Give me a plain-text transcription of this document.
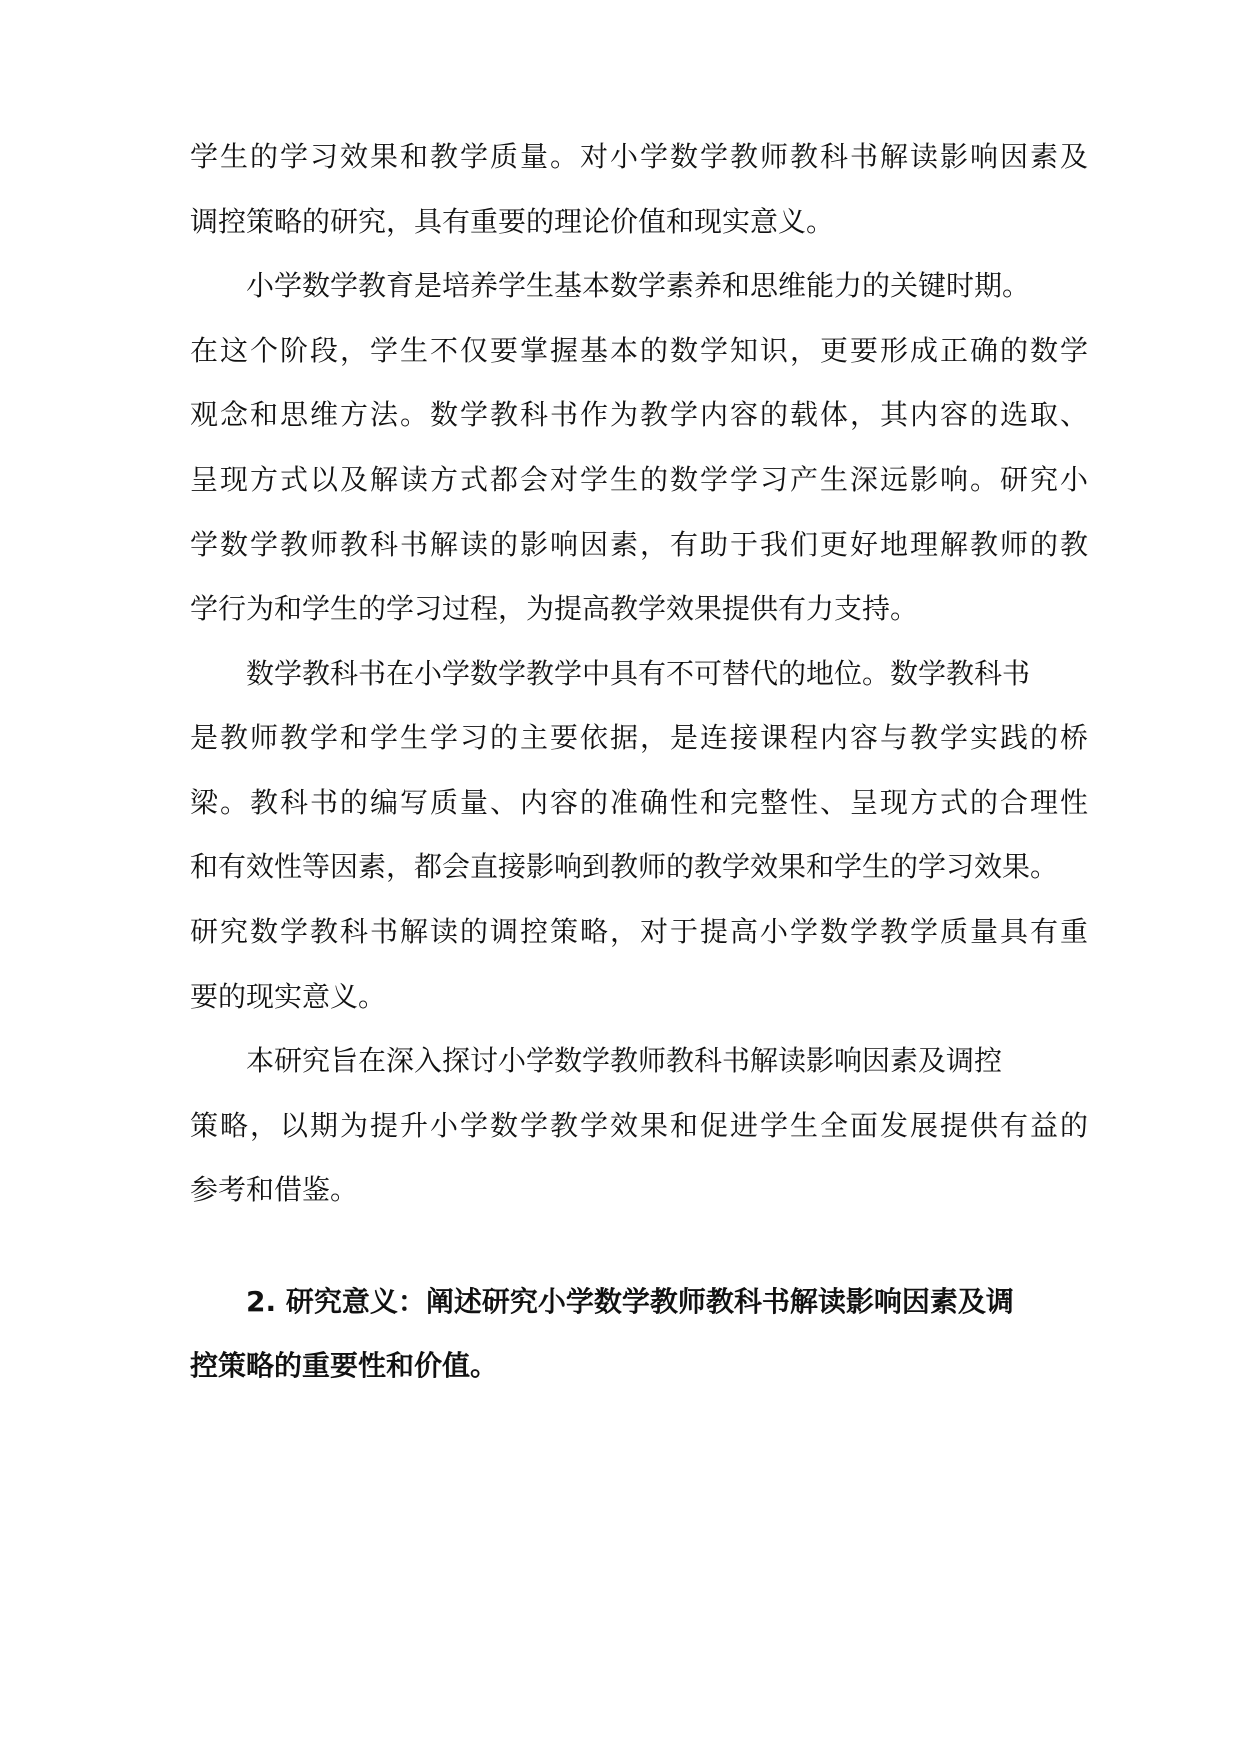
学生的学习效果和教学质量。对小学数学教师教科书解读影响因素及

调控策略的研究，具有重要的理论价值和现实意义。

小学数学教育是培养学生基本数学素养和思维能力的关键时期。

在这个阶段，学生不仅要掌握基本的数学知识，更要形成正确的数学

观念和思维方法。数学教科书作为教学内容的载体，其内容的选取、

呈现方式以及解读方式都会对学生的数学学习产生深远影响。研究小

学数学教师教科书解读的影响因素，有助于我们更好地理解教师的教

学行为和学生的学习过程，为提高教学效果提供有力支持。

数学教科书在小学数学教学中具有不可替代的地位。数学教科书

是教师教学和学生学习的主要依据，是连接课程内容与教学实践的桥

梁。教科书的编写质量、内容的准确性和完整性、呈现方式的合理性

和有效性等因素，都会直接影响到教师的教学效果和学生的学习效果。

研究数学教科书解读的调控策略，对于提高小学数学教学质量具有重

要的现实意义。

本研究旨在深入探讨小学数学教师教科书解读影响因素及调控

策略，以期为提升小学数学教学效果和促进学生全面发展提供有益的

参考和借鉴。

2. 研究意义：阐述研究小学数学教师教科书解读影响因素及调

控策略的重要性和价值。
